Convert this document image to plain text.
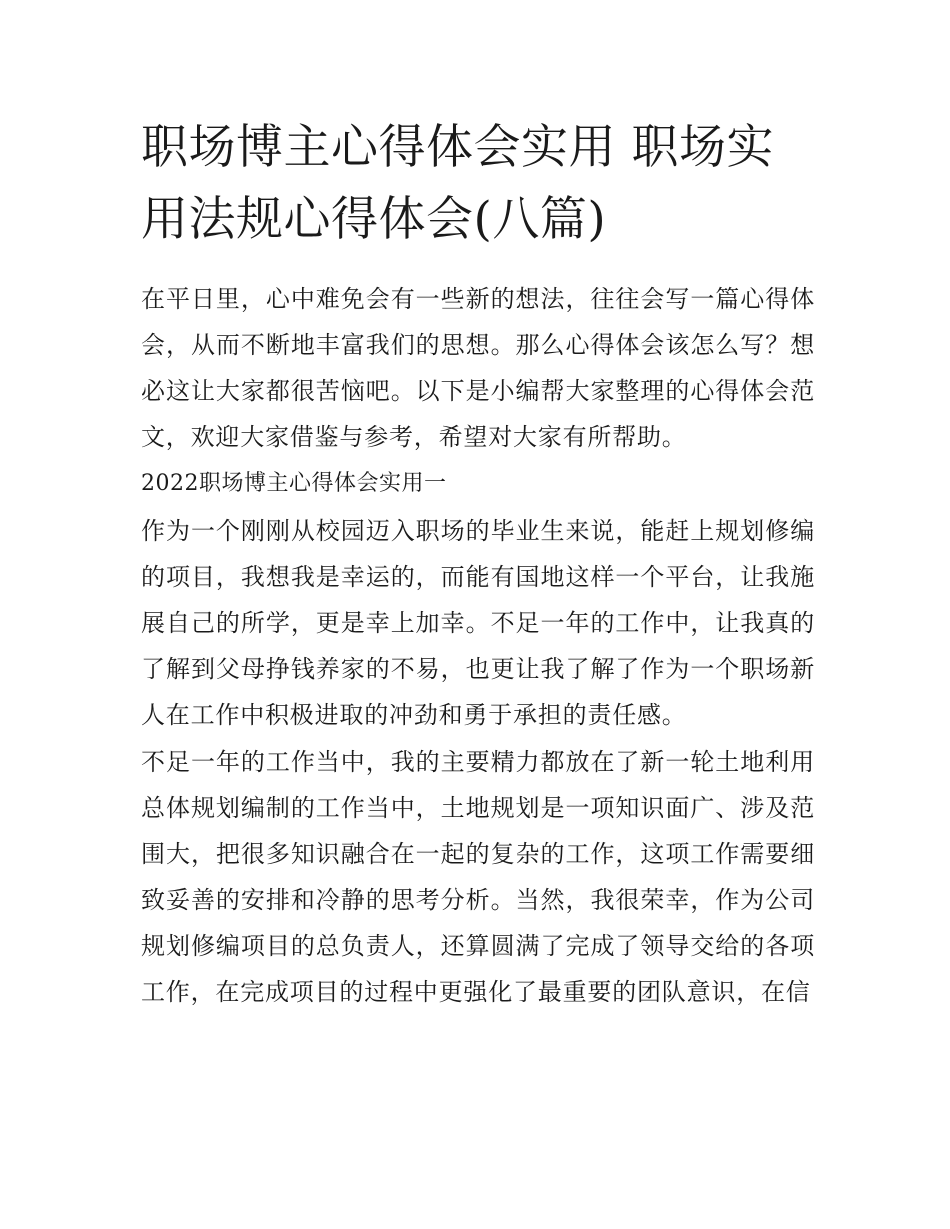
职场博主心得体会实用 职场实用法规心得体会(八篇)

在平日里，心中难免会有一些新的想法，往往会写一篇心得体会，从而不断地丰富我们的思想。那么心得体会该怎么写？想必这让大家都很苦恼吧。以下是小编帮大家整理的心得体会范文，欢迎大家借鉴与参考，希望对大家有所帮助。

2022职场博主心得体会实用一

作为一个刚刚从校园迈入职场的毕业生来说，能赶上规划修编的项目，我想我是幸运的，而能有国地这样一个平台，让我施展自己的所学，更是幸上加幸。不足一年的工作中，让我真的了解到父母挣钱养家的不易，也更让我了解了作为一个职场新人在工作中积极进取的冲劲和勇于承担的责任感。

不足一年的工作当中，我的主要精力都放在了新一轮土地利用总体规划编制的工作当中，土地规划是一项知识面广、涉及范围大，把很多知识融合在一起的复杂的工作，这项工作需要细致妥善的安排和冷静的思考分析。当然，我很荣幸，作为公司规划修编项目的总负责人，还算圆满了完成了领导交给的各项工作，在完成项目的过程中更强化了最重要的团队意识，在信
